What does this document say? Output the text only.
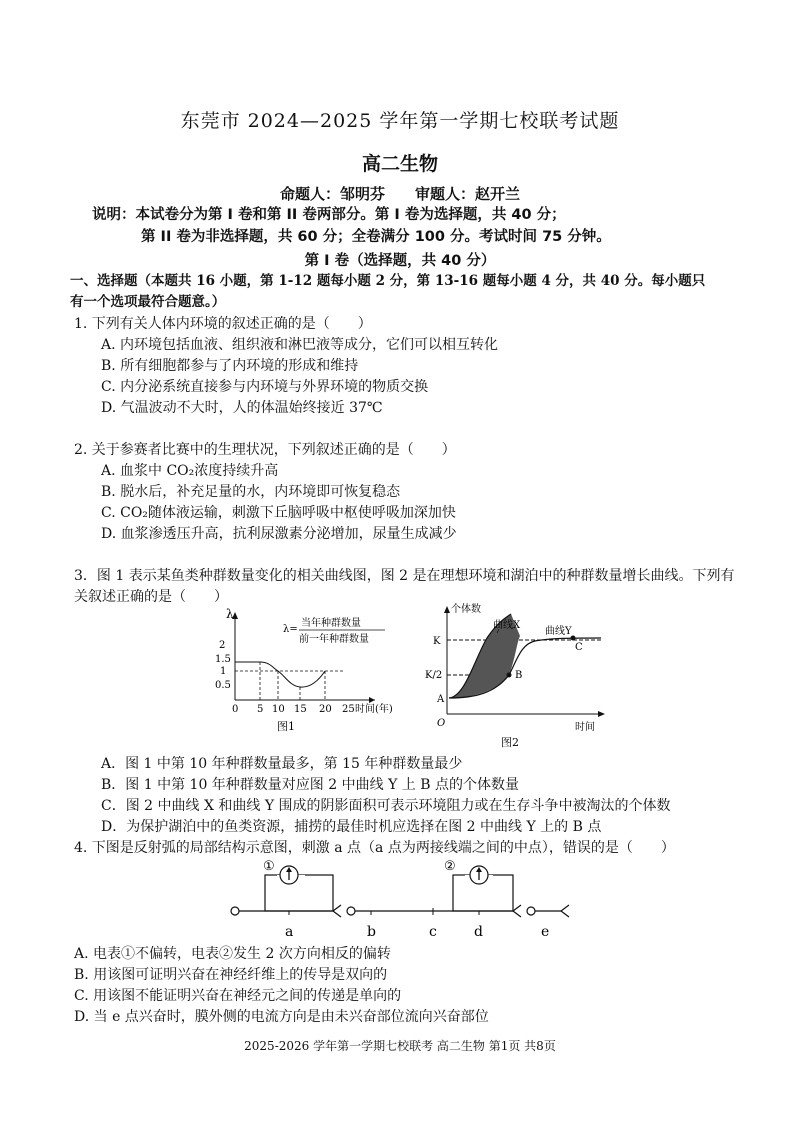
东莞市 2024—2025 学年第一学期七校联考试题
高二生物
命题人：邹明芬　　审题人：赵开兰
说明：本试卷分为第 I 卷和第 II 卷两部分。第 I 卷为选择题，共 40 分；
第 II 卷为非选择题，共 60 分；全卷满分 100 分。考试时间 75 分钟。
第 I 卷（选择题，共 40 分）
一、选择题（本题共 16 小题，第 1-12 题每小题 2 分，第 13-16 题每小题 4 分，共 40 分。每小题只
有一个选项最符合题意。）
1. 下列有关人体内环境的叙述正确的是（　　）
A. 内环境包括血液、组织液和淋巴液等成分，它们可以相互转化
B. 所有细胞都参与了内环境的形成和维持
C. 内分泌系统直接参与内环境与外界环境的物质交换
D. 气温波动不大时，人的体温始终接近 37℃
2. 关于参赛者比赛中的生理状况，下列叙述正确的是（　　）
A. 血浆中 CO₂浓度持续升高
B. 脱水后，补充足量的水，内环境即可恢复稳态
C. CO₂随体液运输，刺激下丘脑呼吸中枢使呼吸加深加快
D. 血浆渗透压升高，抗利尿激素分泌增加，尿量生成减少
3．图 1 表示某鱼类种群数量变化的相关曲线图，图 2 是在理想环境和湖泊中的种群数量增长曲线。下列有
关叙述正确的是（　　）
λ
λ=
当年种群数量
前一年种群数量
2
1.5
1
0.5
0 5 10 15 20 25 时间(年)
图1
个体数
时间
O
K
K/2
A
B
C
曲线X
曲线Y
图2
A．图 1 中第 10 年种群数量最多，第 15 年种群数量最少
B．图 1 中第 10 年种群数量对应图 2 中曲线 Y 上 B 点的个体数量
C．图 2 中曲线 X 和曲线 Y 围成的阴影面积可表示环境阻力或在生存斗争中被淘汰的个体数
D．为保护湖泊中的鱼类资源，捕捞的最佳时机应选择在图 2 中曲线 Y 上的 B 点
4. 下图是反射弧的局部结构示意图，刺激 a 点（a 点为两接线端之间的中点），错误的是（　　）
①
a	b	c
②
d	e
A. 电表①不偏转，电表②发生 2 次方向相反的偏转
B. 用该图可证明兴奋在神经纤维上的传导是双向的
C. 用该图不能证明兴奋在神经元之间的传递是单向的
D. 当 e 点兴奋时，膜外侧的电流方向是由未兴奋部位流向兴奋部位
2025-2026 学年第一学期七校联考 高二生物 第1页 共8页
